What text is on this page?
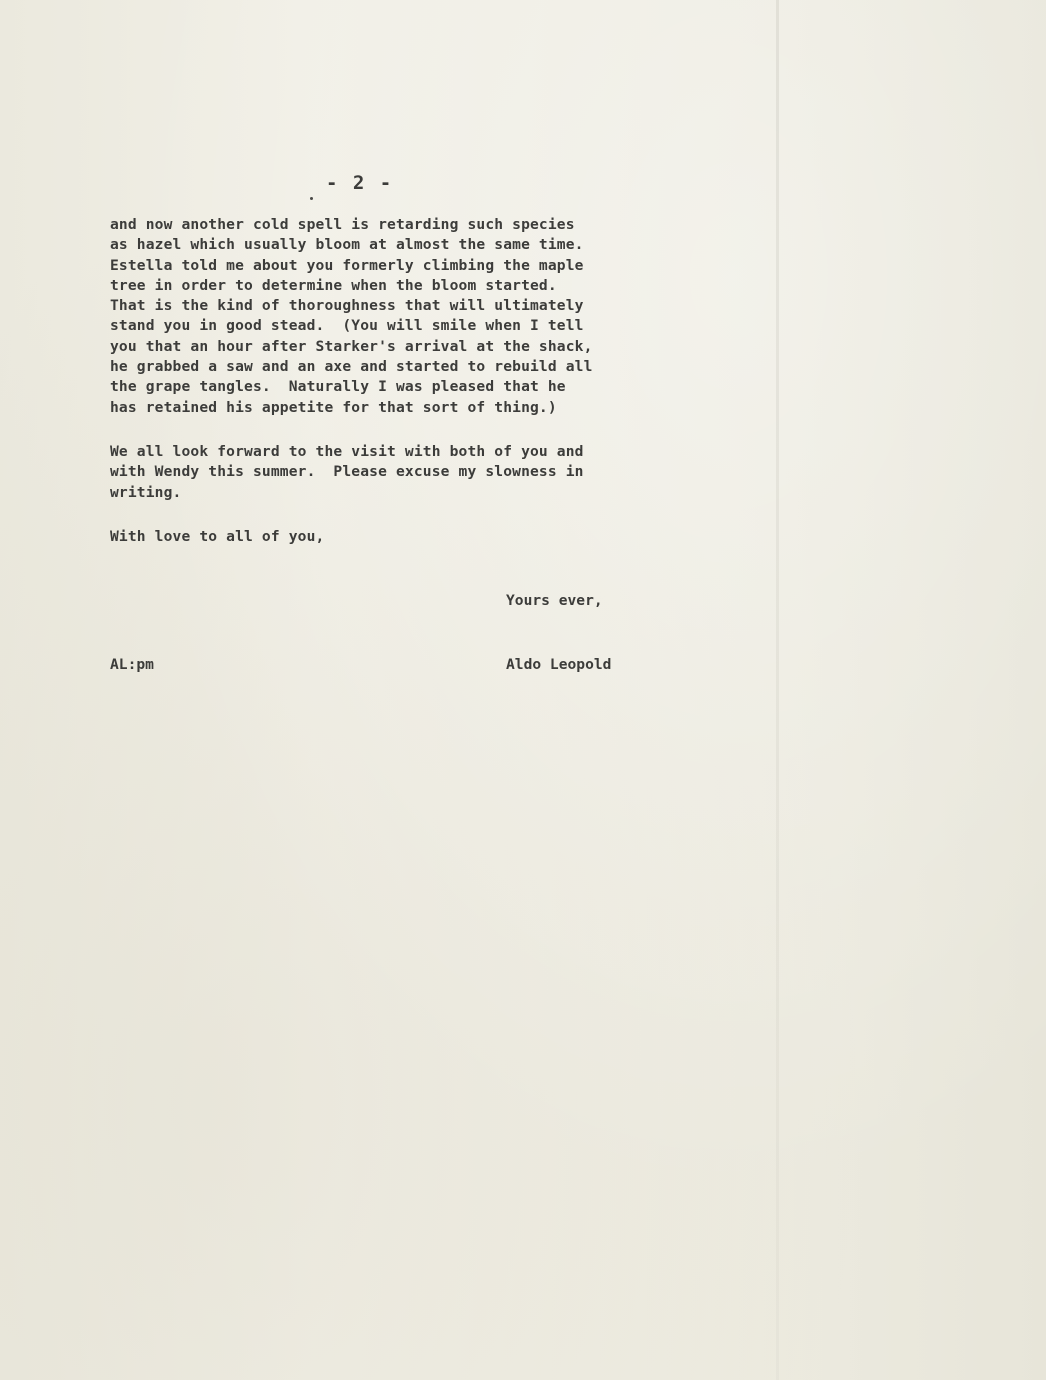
- 2 -

and now another cold spell is retarding such species
as hazel which usually bloom at almost the same time.
Estella told me about you formerly climbing the maple
tree in order to determine when the bloom started.
That is the kind of thoroughness that will ultimately
stand you in good stead.  (You will smile when I tell
you that an hour after Starker's arrival at the shack,
he grabbed a saw and an axe and started to rebuild all
the grape tangles.  Naturally I was pleased that he
has retained his appetite for that sort of thing.)

We all look forward to the visit with both of you and
with Wendy this summer.  Please excuse my slowness in
writing.

With love to all of you,

Yours ever,

AL:pm	Aldo Leopold
